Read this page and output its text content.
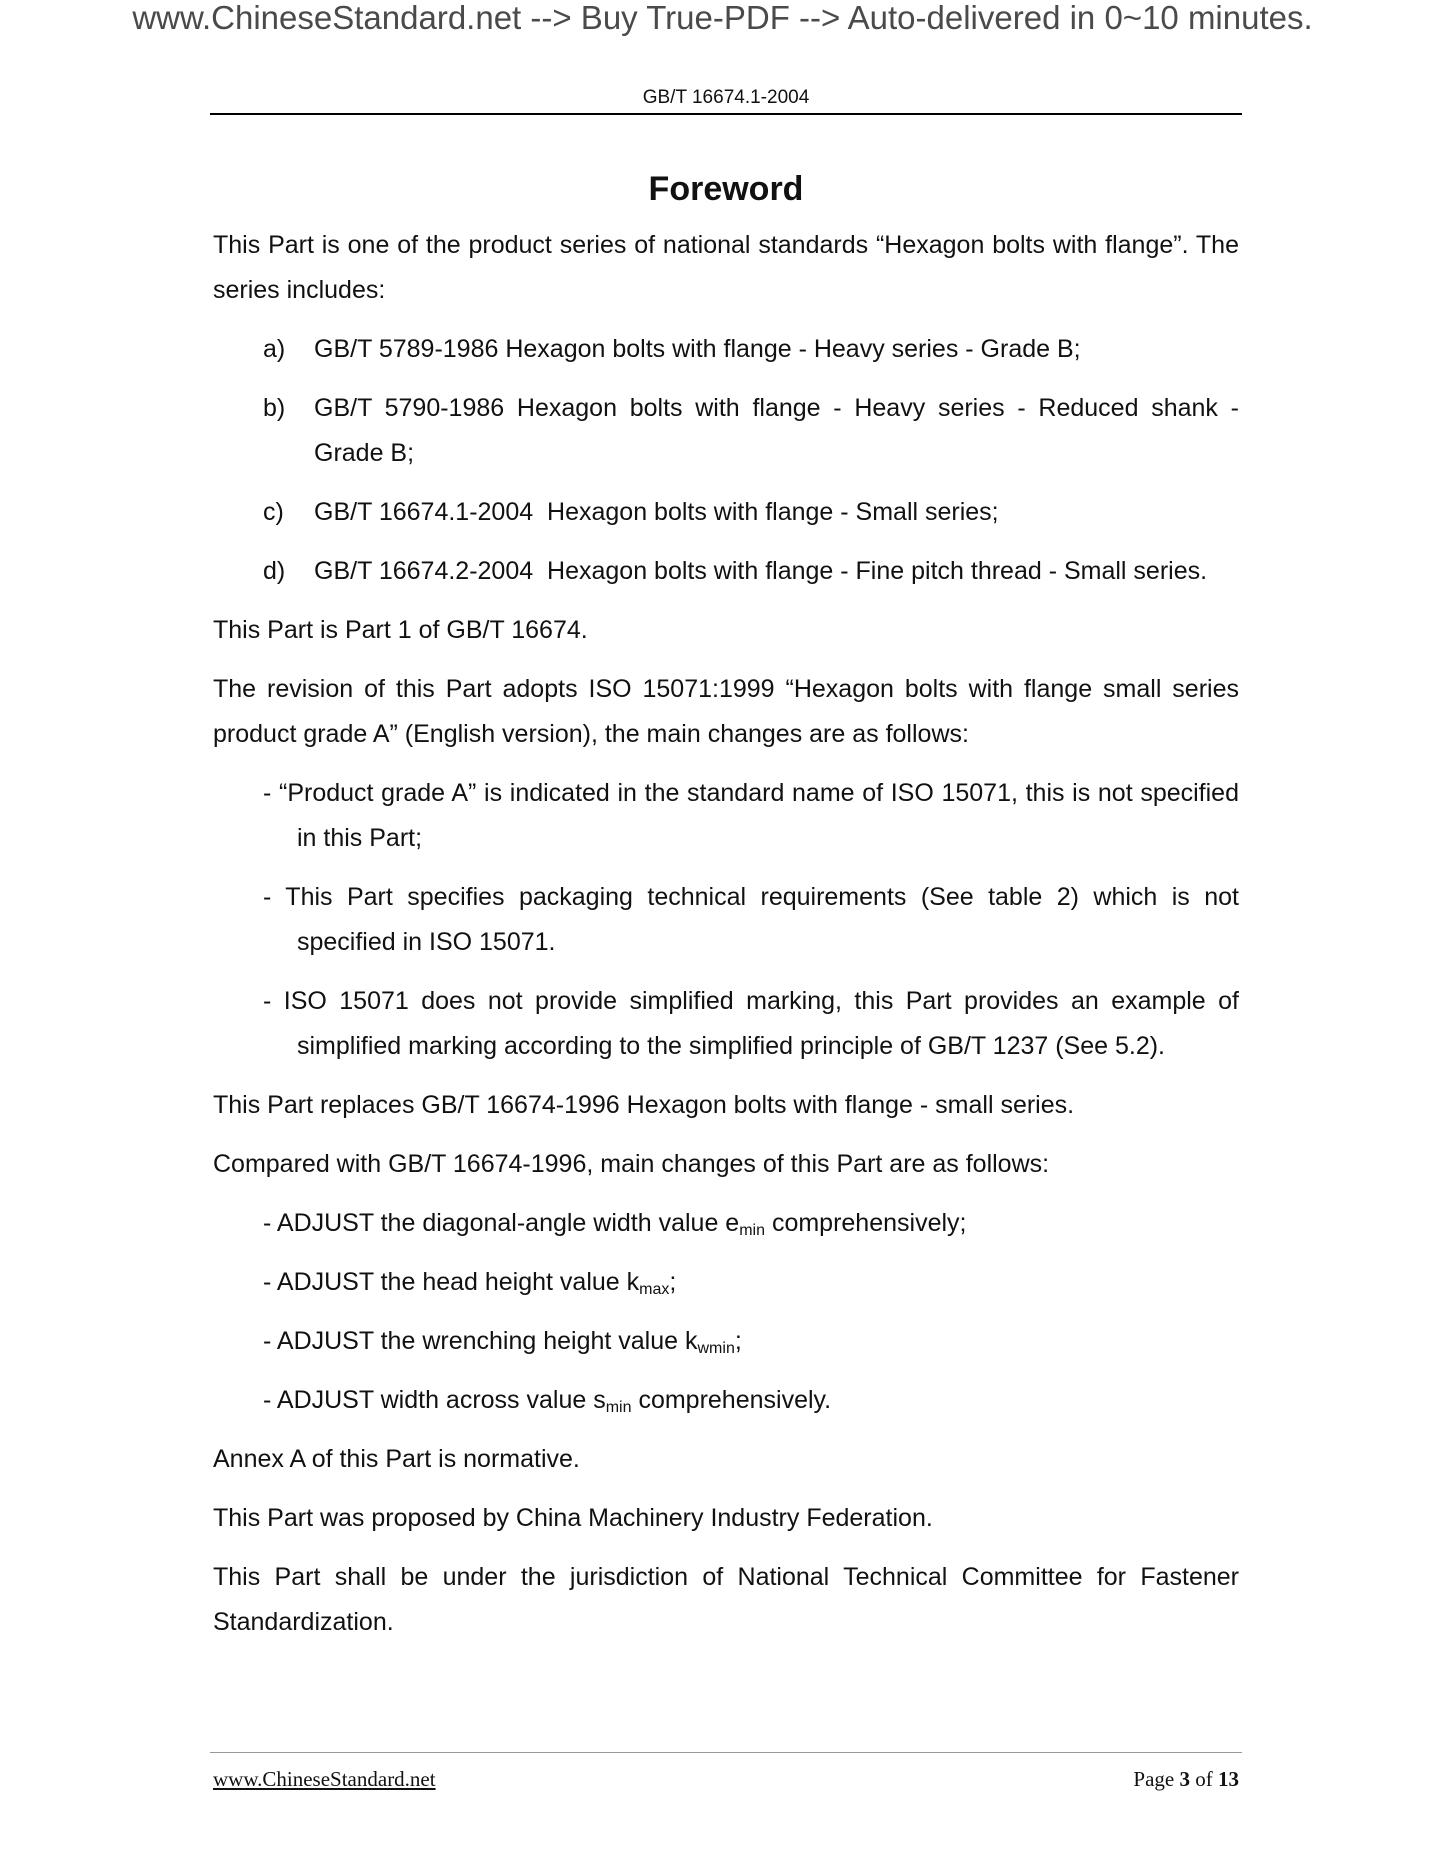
www.ChineseStandard.net --> Buy True-PDF --> Auto-delivered in 0~10 minutes.
GB/T 16674.1-2004
Foreword

This Part is one of the product series of national standards “Hexagon bolts with flange”. The series includes:

a) GB/T 5789-1986 Hexagon bolts with flange - Heavy series - Grade B;
b) GB/T 5790-1986 Hexagon bolts with flange - Heavy series - Reduced shank - Grade B;
c) GB/T 16674.1-2004  Hexagon bolts with flange - Small series;
d) GB/T 16674.2-2004  Hexagon bolts with flange - Fine pitch thread - Small series.

This Part is Part 1 of GB/T 16674.

The revision of this Part adopts ISO 15071:1999 “Hexagon bolts with flange small series product grade A” (English version), the main changes are as follows:

- “Product grade A” is indicated in the standard name of ISO 15071, this is not specified in this Part;
- This Part specifies packaging technical requirements (See table 2) which is not specified in ISO 15071.
- ISO 15071 does not provide simplified marking, this Part provides an example of simplified marking according to the simplified principle of GB/T 1237 (See 5.2).

This Part replaces GB/T 16674-1996 Hexagon bolts with flange - small series.

Compared with GB/T 16674-1996, main changes of this Part are as follows:

- ADJUST the diagonal-angle width value $e_{min}$ comprehensively;
- ADJUST the head height value $k_{max}$;
- ADJUST the wrenching height value $k_{wmin}$;
- ADJUST width across value $s_{min}$ comprehensively.

Annex A of this Part is normative.

This Part was proposed by China Machinery Industry Federation.

This Part shall be under the jurisdiction of National Technical Committee for Fastener Standardization.

www.ChineseStandard.net	Page 3 of 13
